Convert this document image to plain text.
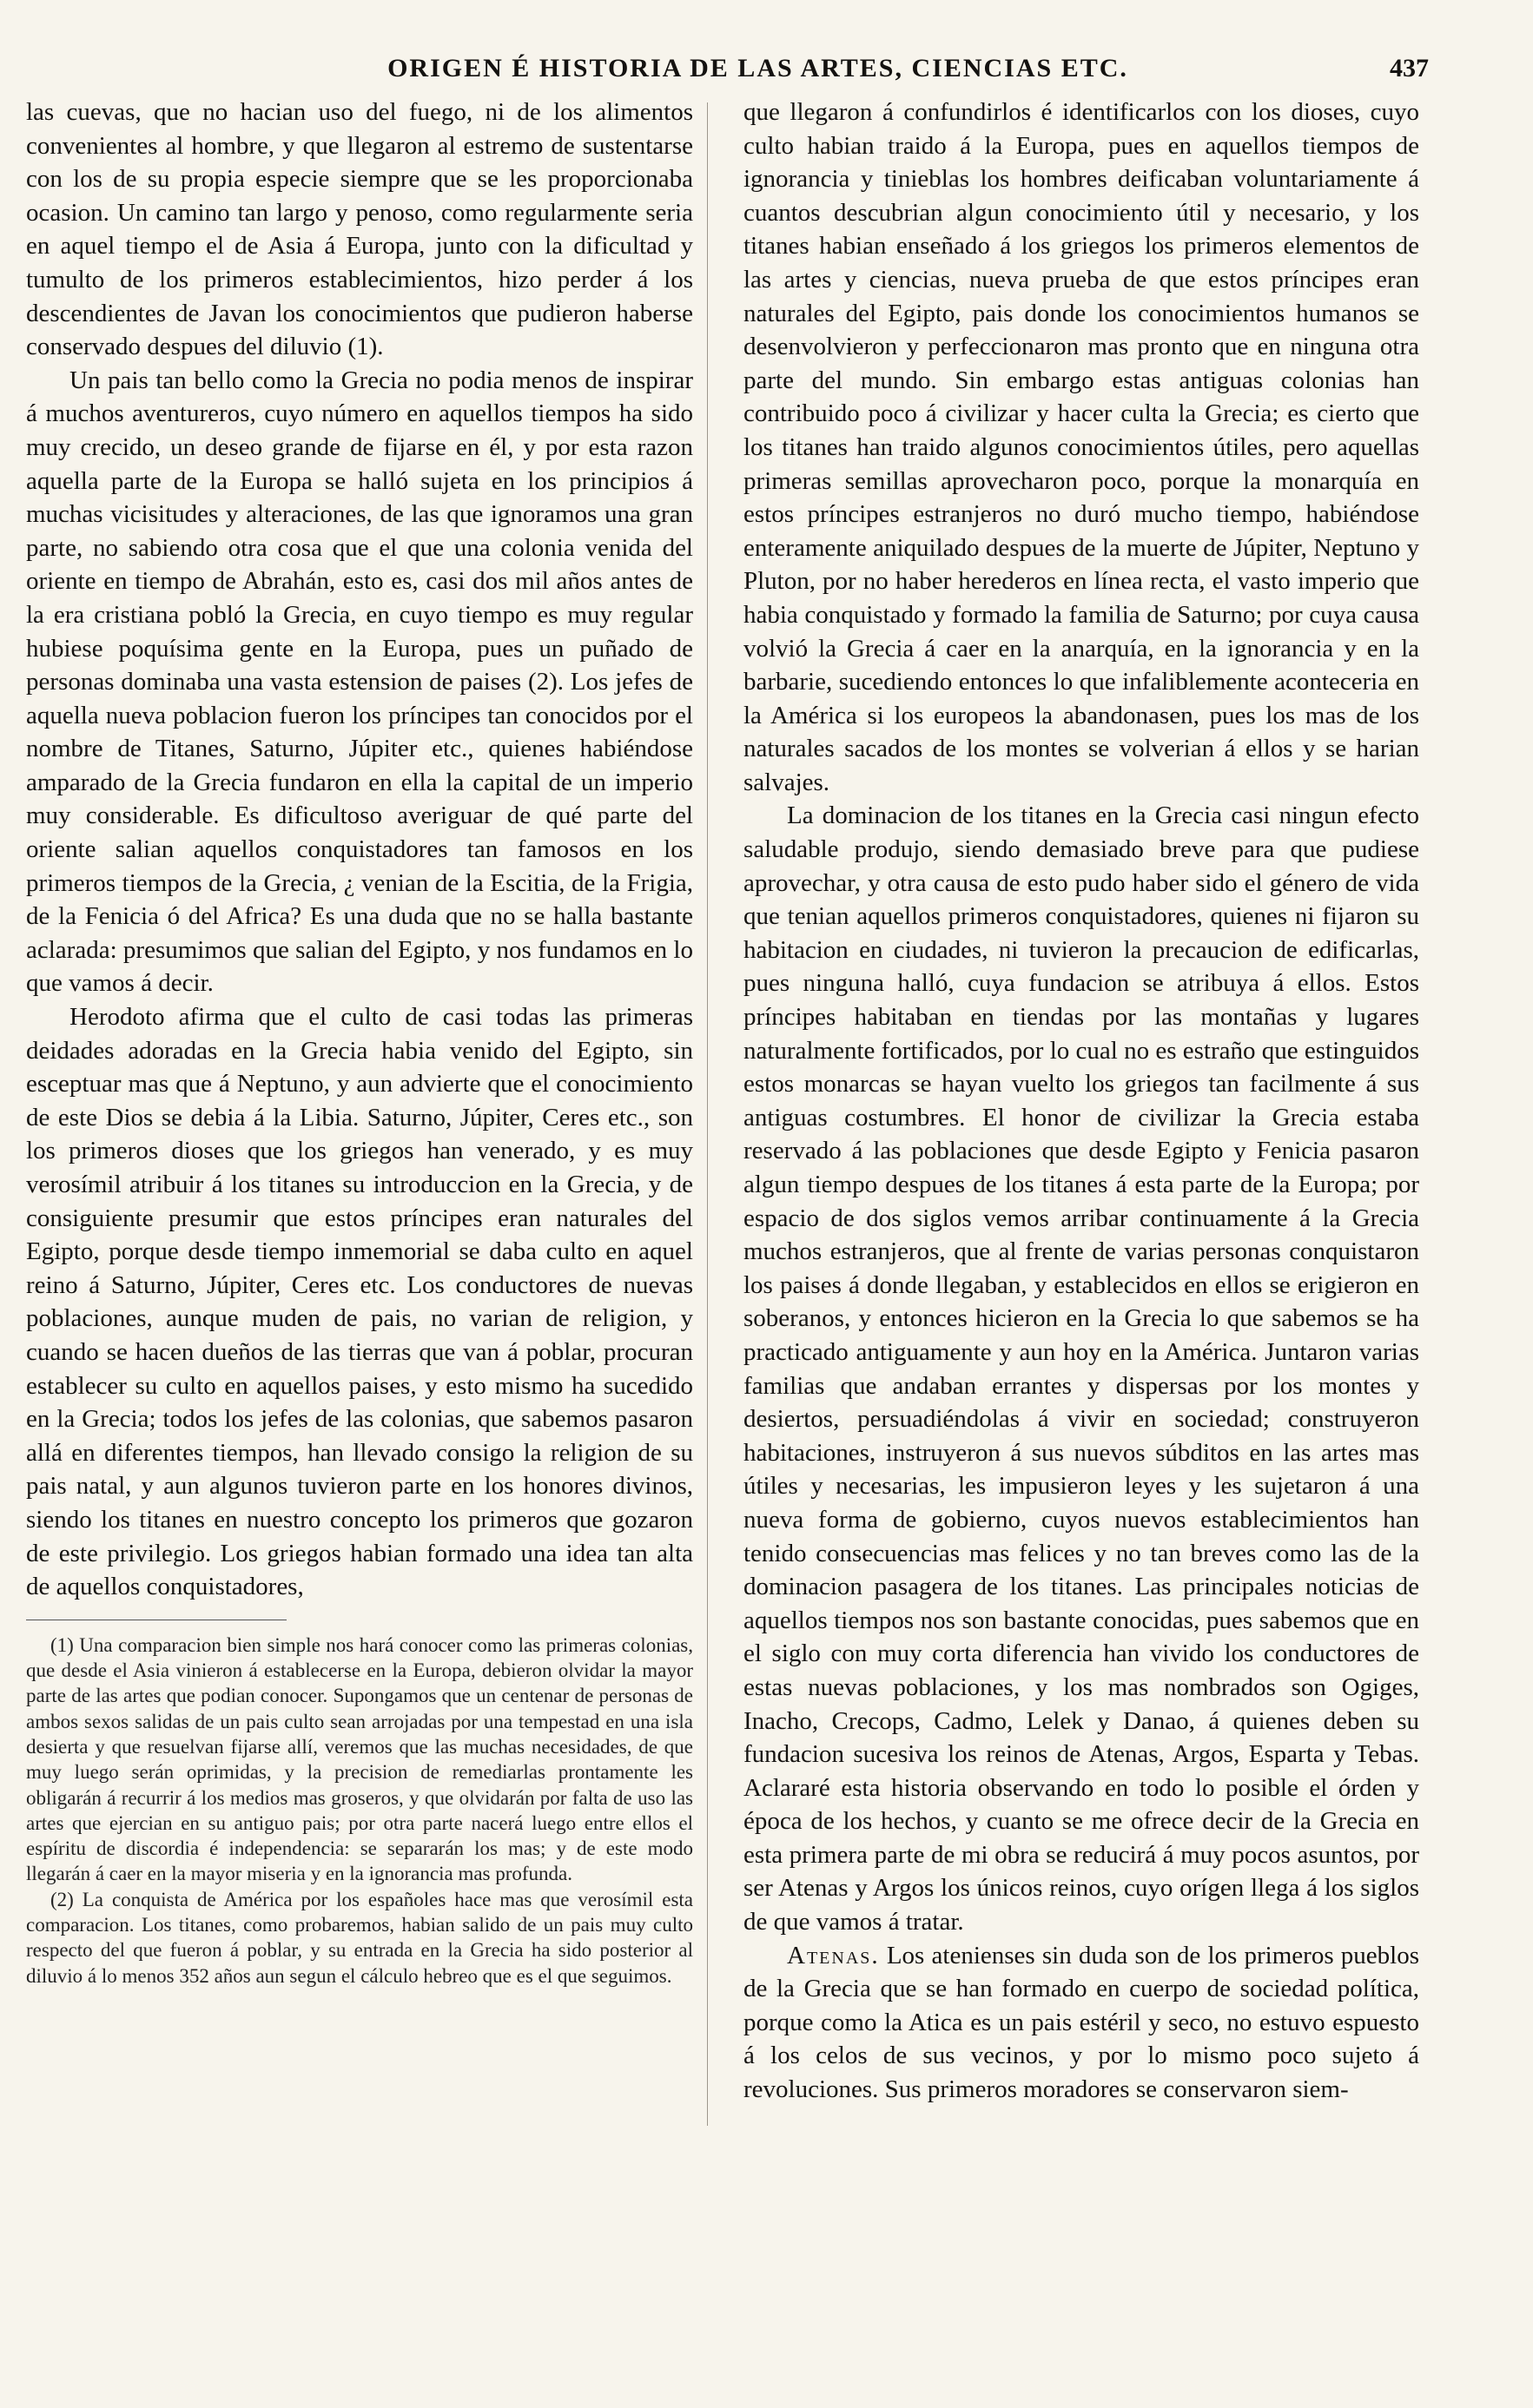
ORIGEN É HISTORIA DE LAS ARTES, CIENCIAS ETC.	437

las cuevas, que no hacian uso del fuego, ni de los alimentos convenientes al hombre, y que llegaron al estremo de sustentarse con los de su propia especie siempre que se les proporcionaba ocasion. Un camino tan largo y penoso, como regularmente seria en aquel tiempo el de Asia á Europa, junto con la dificultad y tumulto de los primeros establecimientos, hizo perder á los descendientes de Javan los conocimientos que pudieron haberse conservado despues del diluvio (1).

Un pais tan bello como la Grecia no podia menos de inspirar á muchos aventureros, cuyo número en aquellos tiempos ha sido muy crecido, un deseo grande de fijarse en él, y por esta razon aquella parte de la Europa se halló sujeta en los principios á muchas vicisitudes y alteraciones, de las que ignoramos una gran parte, no sabiendo otra cosa que el que una colonia venida del oriente en tiempo de Abrahán, esto es, casi dos mil años antes de la era cristiana pobló la Grecia, en cuyo tiempo es muy regular hubiese poquísima gente en la Europa, pues un puñado de personas dominaba una vasta estension de paises (2). Los jefes de aquella nueva poblacion fueron los príncipes tan conocidos por el nombre de Titanes, Saturno, Júpiter etc., quienes habiéndose amparado de la Grecia fundaron en ella la capital de un imperio muy considerable. Es dificultoso averiguar de qué parte del oriente salian aquellos conquistadores tan famosos en los primeros tiempos de la Grecia, ¿ venian de la Escitia, de la Frigia, de la Fenicia ó del Africa? Es una duda que no se halla bastante aclarada: presumimos que salian del Egipto, y nos fundamos en lo que vamos á decir.

Herodoto afirma que el culto de casi todas las primeras deidades adoradas en la Grecia habia venido del Egipto, sin esceptuar mas que á Neptuno, y aun advierte que el conocimiento de este Dios se debia á la Libia. Saturno, Júpiter, Ceres etc., son los primeros dioses que los griegos han venerado, y es muy verosímil atribuir á los titanes su introduccion en la Grecia, y de consiguiente presumir que estos príncipes eran naturales del Egipto, porque desde tiempo inmemorial se daba culto en aquel reino á Saturno, Júpiter, Ceres etc. Los conductores de nuevas poblaciones, aunque muden de pais, no varian de religion, y cuando se hacen dueños de las tierras que van á poblar, procuran establecer su culto en aquellos paises, y esto mismo ha sucedido en la Grecia; todos los jefes de las colonias, que sabemos pasaron allá en diferentes tiempos, han llevado consigo la religion de su pais natal, y aun algunos tuvieron parte en los honores divinos, siendo los titanes en nuestro concepto los primeros que gozaron de este privilegio. Los griegos habian formado una idea tan alta de aquellos conquistadores,

(1) Una comparacion bien simple nos hará conocer como las primeras colonias, que desde el Asia vinieron á establecerse en la Europa, debieron olvidar la mayor parte de las artes que podian conocer. Supongamos que un centenar de personas de ambos sexos salidas de un pais culto sean arrojadas por una tempestad en una isla desierta y que resuelvan fijarse allí, veremos que las muchas necesidades, de que muy luego serán oprimidas, y la precision de remediarlas prontamente les obligarán á recurrir á los medios mas groseros, y que olvidarán por falta de uso las artes que ejercian en su antiguo pais; por otra parte nacerá luego entre ellos el espíritu de discordia é independencia: se separarán los mas; y de este modo llegarán á caer en la mayor miseria y en la ignorancia mas profunda.

(2) La conquista de América por los españoles hace mas que verosímil esta comparacion. Los titanes, como probaremos, habian salido de un pais muy culto respecto del que fueron á poblar, y su entrada en la Grecia ha sido posterior al diluvio á lo menos 352 años aun segun el cálculo hebreo que es el que seguimos.

que llegaron á confundirlos é identificarlos con los dioses, cuyo culto habian traido á la Europa, pues en aquellos tiempos de ignorancia y tinieblas los hombres deificaban voluntariamente á cuantos descubrian algun conocimiento útil y necesario, y los titanes habian enseñado á los griegos los primeros elementos de las artes y ciencias, nueva prueba de que estos príncipes eran naturales del Egipto, pais donde los conocimientos humanos se desenvolvieron y perfeccionaron mas pronto que en ninguna otra parte del mundo. Sin embargo estas antiguas colonias han contribuido poco á civilizar y hacer culta la Grecia; es cierto que los titanes han traido algunos conocimientos útiles, pero aquellas primeras semillas aprovecharon poco, porque la monarquía en estos príncipes estranjeros no duró mucho tiempo, habiéndose enteramente aniquilado despues de la muerte de Júpiter, Neptuno y Pluton, por no haber herederos en línea recta, el vasto imperio que habia conquistado y formado la familia de Saturno; por cuya causa volvió la Grecia á caer en la anarquía, en la ignorancia y en la barbarie, sucediendo entonces lo que infaliblemente aconteceria en la América si los europeos la abandonasen, pues los mas de los naturales sacados de los montes se volverian á ellos y se harian salvajes.

La dominacion de los titanes en la Grecia casi ningun efecto saludable produjo, siendo demasiado breve para que pudiese aprovechar, y otra causa de esto pudo haber sido el género de vida que tenian aquellos primeros conquistadores, quienes ni fijaron su habitacion en ciudades, ni tuvieron la precaucion de edificarlas, pues ninguna halló, cuya fundacion se atribuya á ellos. Estos príncipes habitaban en tiendas por las montañas y lugares naturalmente fortificados, por lo cual no es estraño que estinguidos estos monarcas se hayan vuelto los griegos tan facilmente á sus antiguas costumbres. El honor de civilizar la Grecia estaba reservado á las poblaciones que desde Egipto y Fenicia pasaron algun tiempo despues de los titanes á esta parte de la Europa; por espacio de dos siglos vemos arribar continuamente á la Grecia muchos estranjeros, que al frente de varias personas conquistaron los paises á donde llegaban, y establecidos en ellos se erigieron en soberanos, y entonces hicieron en la Grecia lo que sabemos se ha practicado antiguamente y aun hoy en la América. Juntaron varias familias que andaban errantes y dispersas por los montes y desiertos, persuadiéndolas á vivir en sociedad; construyeron habitaciones, instruyeron á sus nuevos súbditos en las artes mas útiles y necesarias, les impusieron leyes y les sujetaron á una nueva forma de gobierno, cuyos nuevos establecimientos han tenido consecuencias mas felices y no tan breves como las de la dominacion pasagera de los titanes. Las principales noticias de aquellos tiempos nos son bastante conocidas, pues sabemos que en el siglo con muy corta diferencia han vivido los conductores de estas nuevas poblaciones, y los mas nombrados son Ogiges, Inacho, Crecops, Cadmo, Lelek y Danao, á quienes deben su fundacion sucesiva los reinos de Atenas, Argos, Esparta y Tebas. Aclararé esta historia observando en todo lo posible el órden y época de los hechos, y cuanto se me ofrece decir de la Grecia en esta primera parte de mi obra se reducirá á muy pocos asuntos, por ser Atenas y Argos los únicos reinos, cuyo orígen llega á los siglos de que vamos á tratar.

Atenas. Los atenienses sin duda son de los primeros pueblos de la Grecia que se han formado en cuerpo de sociedad política, porque como la Atica es un pais estéril y seco, no estuvo espuesto á los celos de sus vecinos, y por lo mismo poco sujeto á revoluciones. Sus primeros moradores se conservaron siem-
